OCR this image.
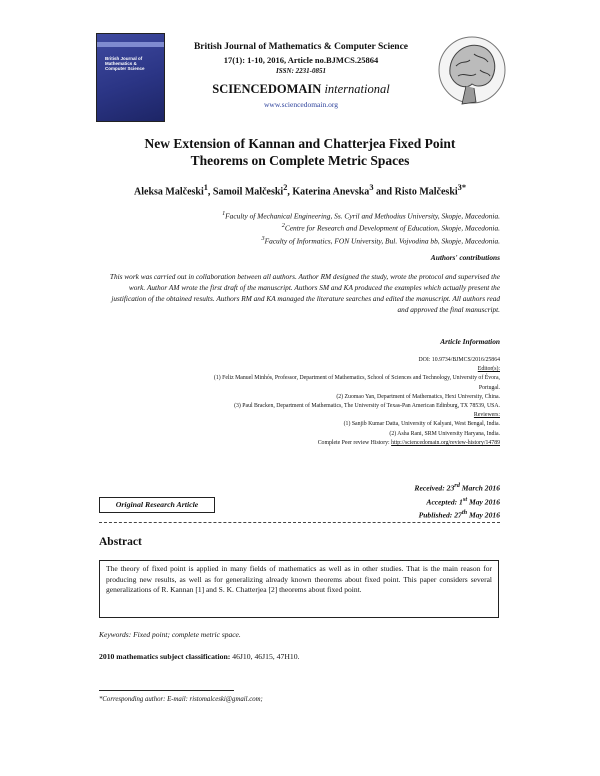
British Journal of
Mathematics &
Computer Science
British Journal of Mathematics & Computer Science
17(1): 1-10, 2016, Article no.BJMCS.25864
ISSN: 2231-0851
SCIENCEDOMAIN international
www.sciencedomain.org
New Extension of Kannan and Chatterjea Fixed Point
Theorems on Complete Metric Spaces
Aleksa Malčeski$^1$, Samoil Malčeski$^2$, Katerina Anevska$^3$ and Risto Malčeski$^{3*}$
$^1$Faculty of Mechanical Engineering, Ss. Cyril and Methodius University, Skopje, Macedonia.
$^2$Centre for Research and Development of Education, Skopje, Macedonia.
$^3$Faculty of Informatics, FON University, Bul. Vojvodina bb, Skopje, Macedonia.
Authors' contributions
This work was carried out in collaboration between all authors. Author RM designed the study, wrote the protocol and supervised the work. Author AM wrote the first draft of the manuscript. Authors SM and KA produced the examples which actually present the justification of the obtained results. Authors RM and KA managed the literature searches and edited the manuscript. All authors read and approved the final manuscript.
Article Information
DOI: 10.9734/BJMCS/2016/25864
Editor(s):
(1) Feliz Manuel Minhós, Professor, Department of Mathematics, School of Sciences and Technology, University of Évora,
Portugal.
(2) Zuomao Yan, Department of Mathematics, Hexi University, China.
(3) Paul Bracken, Department of Mathematics, The University of Texas-Pan American Edinburg, TX 78539, USA.
Reviewers:
(1) Sanjib Kumar Datta, University of Kalyani, West Bengal, India.
(2) Asha Rani, SRM University Haryana, India.
Complete Peer review History: http://sciencedomain.org/review-history/14789
Original Research Article
Received: 23rd March 2016
Accepted: 1st May 2016
Published: 27th May 2016
Abstract
The theory of fixed point is applied in many fields of mathematics as well as in other studies. That is the main reason for producing new results, as well as for generalizing already known theorems about fixed point. This paper considers several generalizations of R. Kannan [1] and S. K. Chatterjea [2] theorems about fixed point.
Keywords: Fixed point; complete metric space.
2010 mathematics subject classification: 46J10, 46J15, 47H10.
*Corresponding author: E-mail: ristomalceski@gmail.com;
